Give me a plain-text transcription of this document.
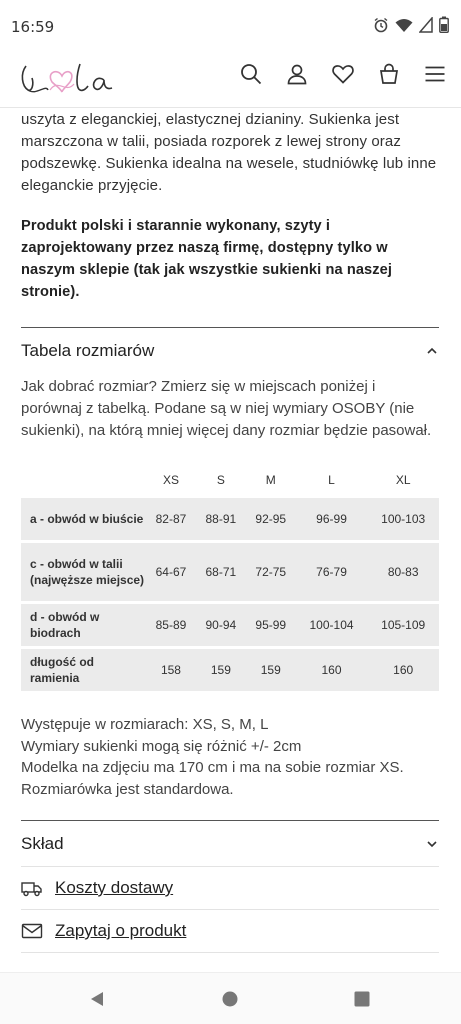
16:59

uszyta z eleganckiej, elastycznej dzianiny. Sukienka jest marszczona w talii, posiada rozporek z lewej strony oraz podszewkę. Sukienka idealna na wesele, studniówkę lub inne eleganckie przyjęcie.

Produkt polski i starannie wykonany, szyty i zaprojektowany przez naszą firmę, dostępny tylko w naszym sklepie (tak jak wszystkie sukienki na naszej stronie).

Tabela rozmiarów

Jak dobrać rozmiar? Zmierz się w miejscach poniżej i porównaj z tabelką. Podane są w niej wymiary OSOBY (nie sukienki), na którą mniej więcej dany rozmiar będzie pasował.

	XS	S	M	L	XL
a - obwód w biuście	82-87	88-91	92-95	96-99	100-103
c - obwód w talii (najwęższe miejsce)	64-67	68-71	72-75	76-79	80-83
d - obwód w biodrach	85-89	90-94	95-99	100-104	105-109
długość od ramienia	158	159	159	160	160
Występuje w rozmiarach: XS, S, M, L
Wymiary sukienki mogą się różnić +/- 2cm
Modelka na zdjęciu ma 170 cm i ma na sobie rozmiar XS.
Rozmiarówka jest standardowa.
Skład
Koszty dostawy
Zapytaj o produkt
